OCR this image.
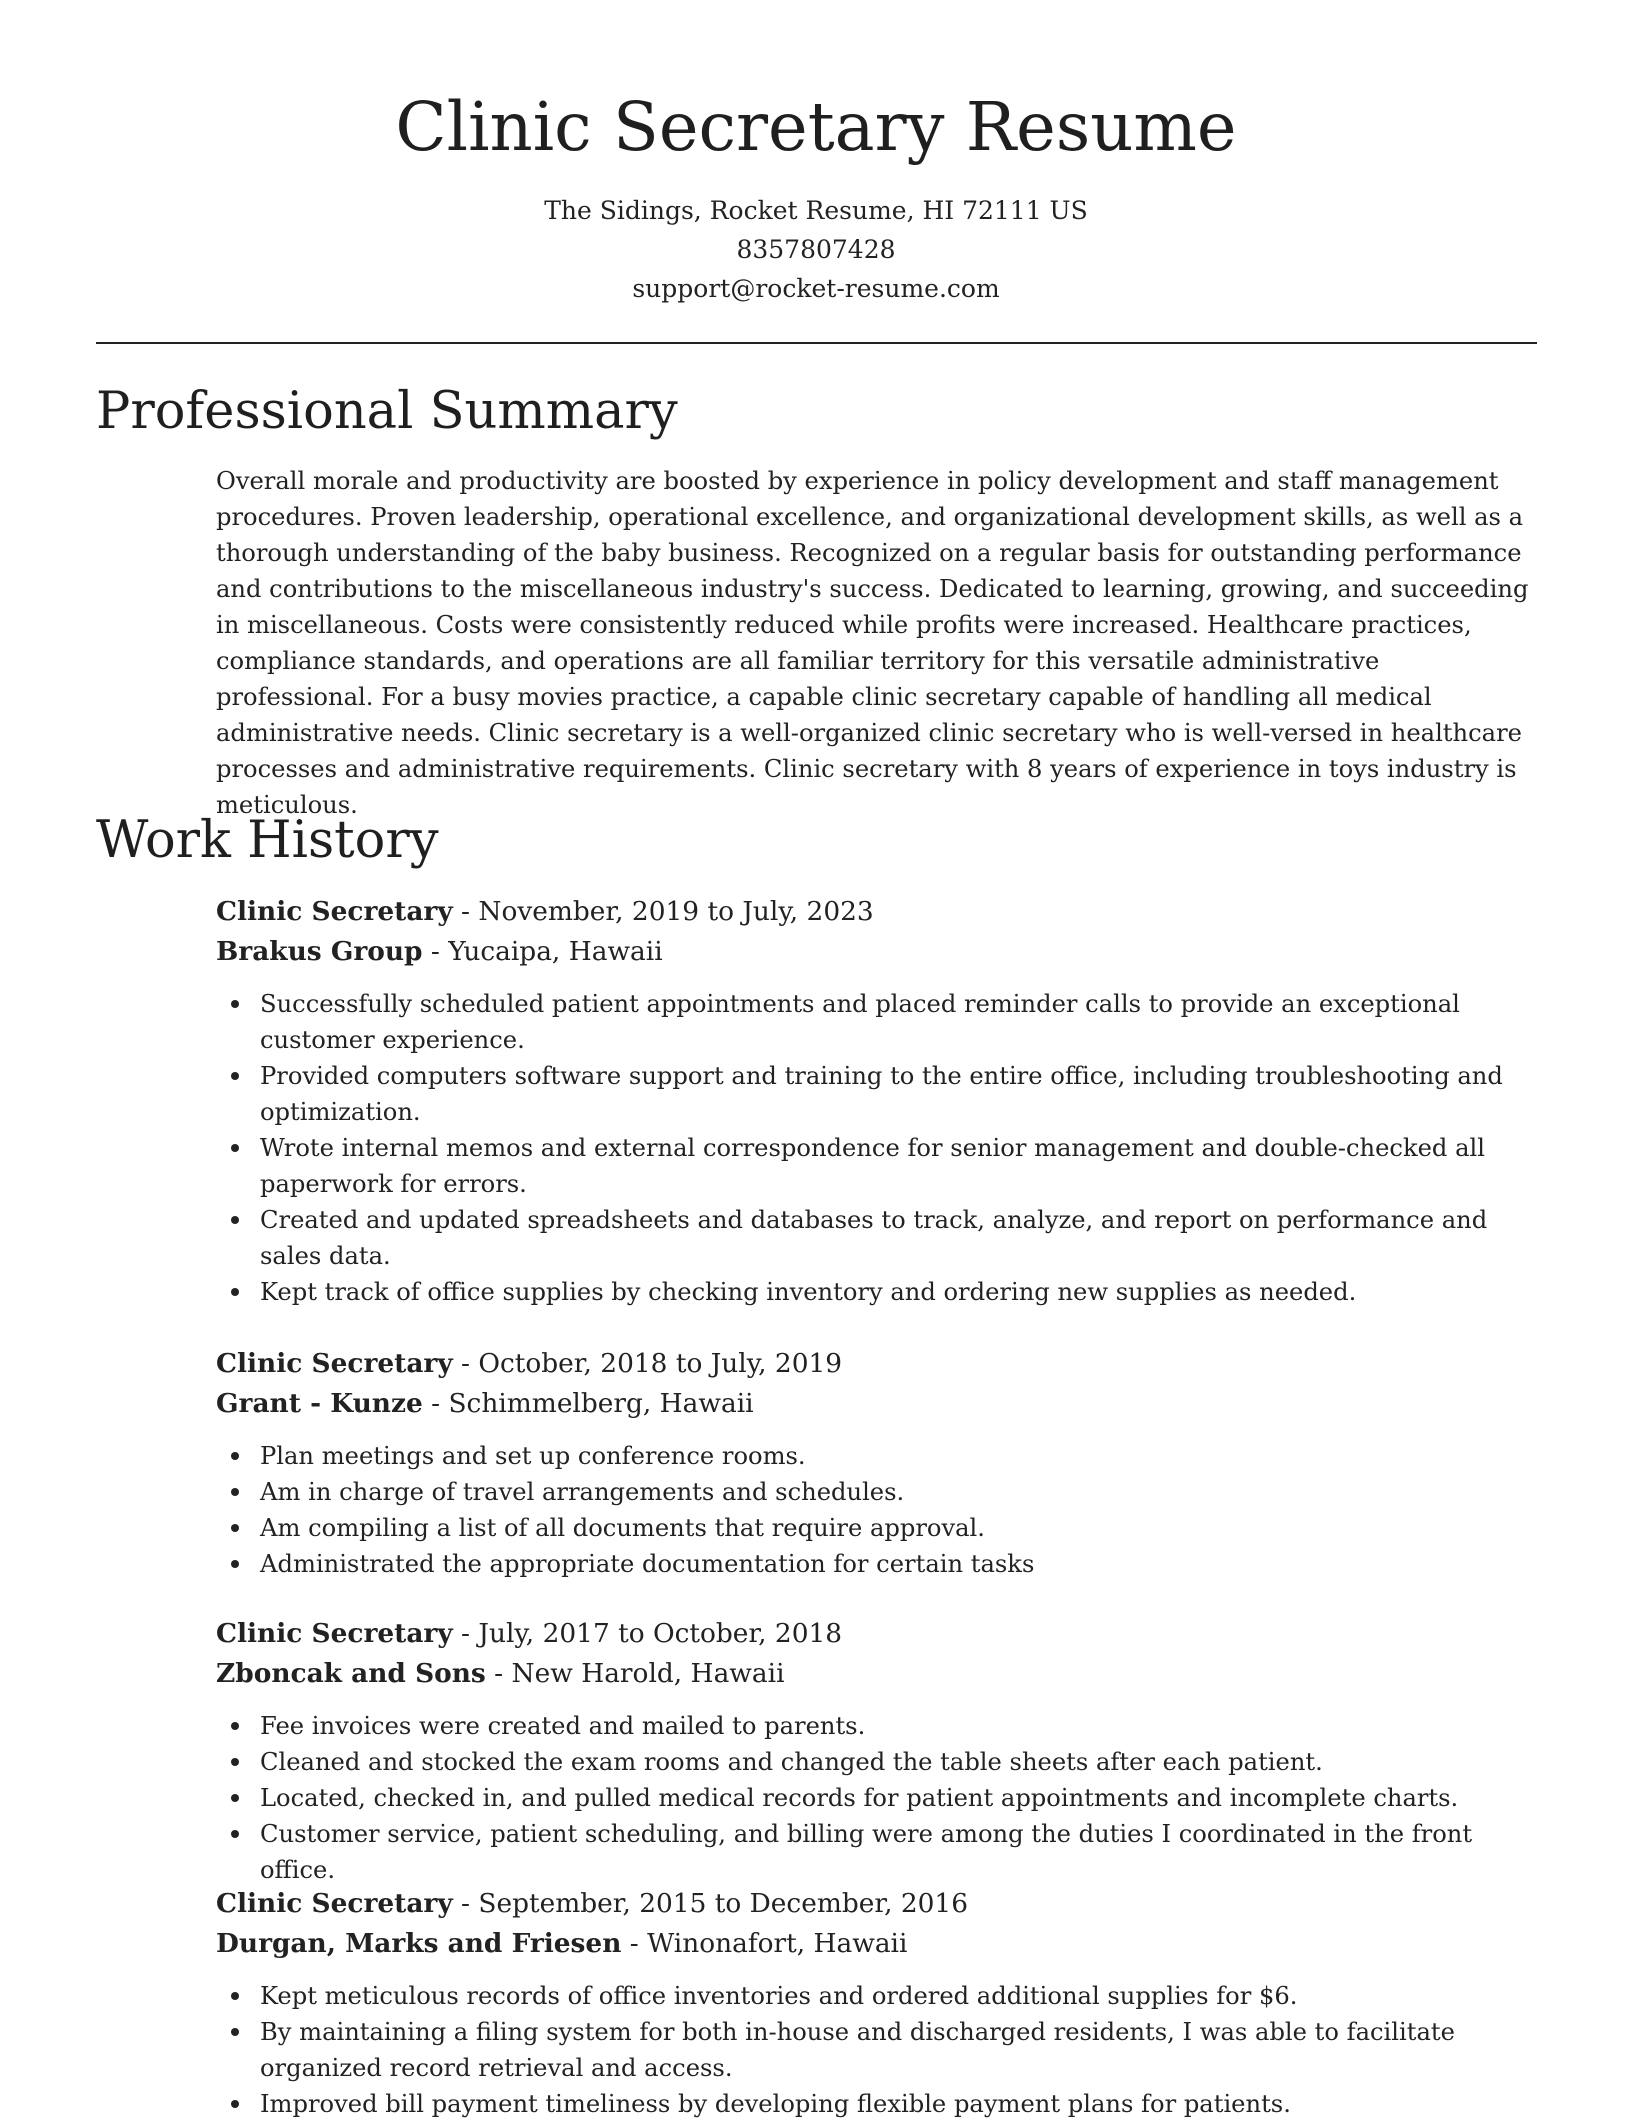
Clinic Secretary Resume
The Sidings, Rocket Resume, HI 72111 US
8357807428
support@rocket-resume.com
Professional Summary

Overall morale and productivity are boosted by experience in policy development and staff management procedures. Proven leadership, operational excellence, and organizational development skills, as well as a thorough understanding of the baby business. Recognized on a regular basis for outstanding performance and contributions to the miscellaneous industry's success. Dedicated to learning, growing, and succeeding in miscellaneous. Costs were consistently reduced while profits were increased. Healthcare practices, compliance standards, and operations are all familiar territory for this versatile administrative professional. For a busy movies practice, a capable clinic secretary capable of handling all medical administrative needs. Clinic secretary is a well-organized clinic secretary who is well-versed in healthcare processes and administrative requirements. Clinic secretary with 8 years of experience in toys industry is meticulous.

Work History
Clinic Secretary - November, 2019 to July, 2023
Brakus Group - Yucaipa, Hawaii
Successfully scheduled patient appointments and placed reminder calls to provide an exceptional customer experience.
Provided computers software support and training to the entire office, including troubleshooting and optimization.
Wrote internal memos and external correspondence for senior management and double-checked all paperwork for errors.
Created and updated spreadsheets and databases to track, analyze, and report on performance and sales data.
Kept track of office supplies by checking inventory and ordering new supplies as needed.
Clinic Secretary - October, 2018 to July, 2019
Grant - Kunze - Schimmelberg, Hawaii
Plan meetings and set up conference rooms.
Am in charge of travel arrangements and schedules.
Am compiling a list of all documents that require approval.
Administrated the appropriate documentation for certain tasks
Clinic Secretary - July, 2017 to October, 2018
Zboncak and Sons - New Harold, Hawaii
Fee invoices were created and mailed to parents.
Cleaned and stocked the exam rooms and changed the table sheets after each patient.
Located, checked in, and pulled medical records for patient appointments and incomplete charts.
Customer service, patient scheduling, and billing were among the duties I coordinated in the front office.
Clinic Secretary - September, 2015 to December, 2016
Durgan, Marks and Friesen - Winonafort, Hawaii
Kept meticulous records of office inventories and ordered additional supplies for $6.
By maintaining a filing system for both in-house and discharged residents, I was able to facilitate organized record retrieval and access.
Improved bill payment timeliness by developing flexible payment plans for patients.
